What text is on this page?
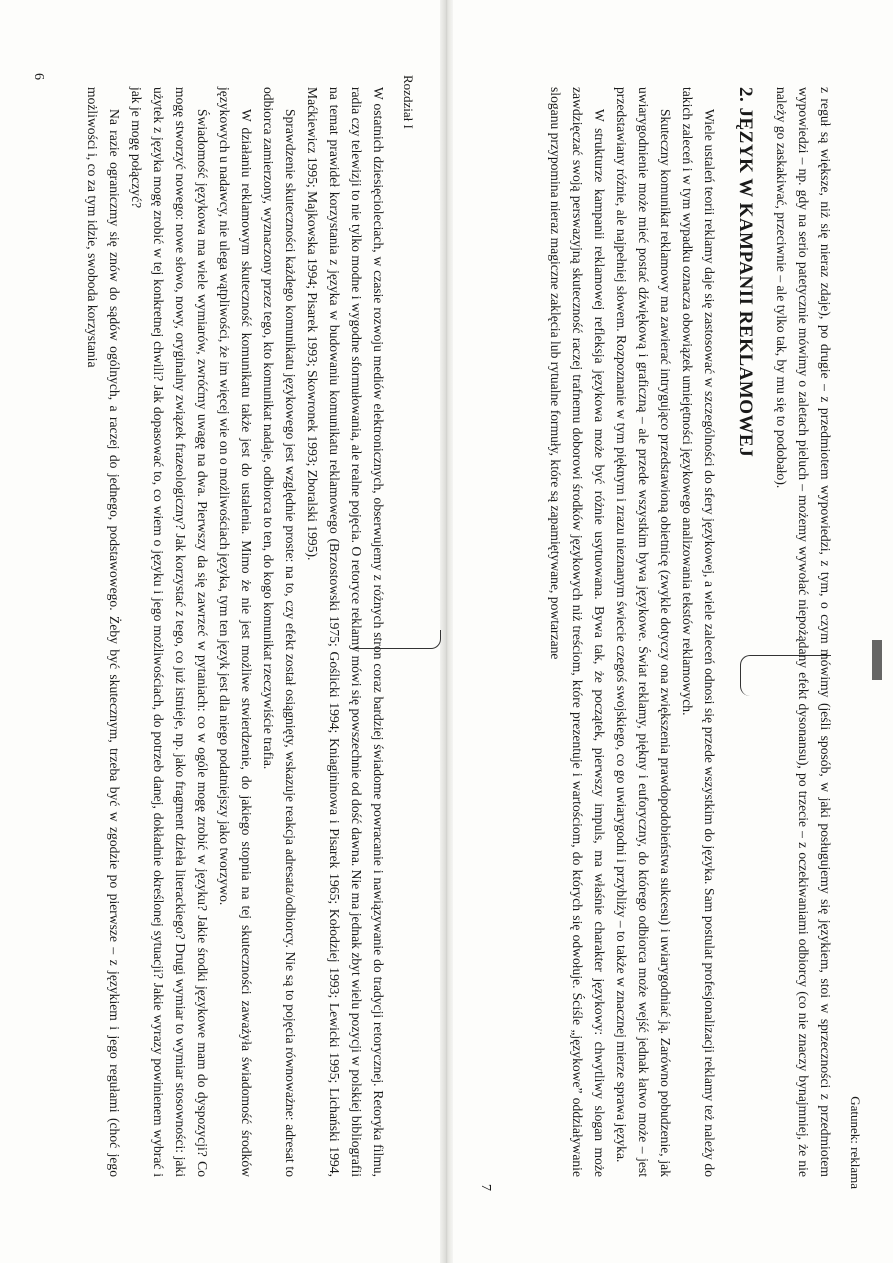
Rozdział I

W ostatnich dziesięcioleciach, w czasie rozwoju mediów elektronicznych, obserwujemy z różnych stron coraz bardziej świadome powracanie i nawiązywanie do tradycji retorycznej. Retoryka filmu, radia czy telewizji to nie tylko modne i wygodne sformułowania, ale realne pojęcia. O retoryce reklamy mówi się powszechnie od dość dawna. Nie ma jednak zbyt wielu pozycji w polskiej bibliografii na temat prawideł korzystania z języka w budowaniu komunikatu reklamowego (Brzostowski 1975; Goślicki 1994; Kniagininowa i Pisarek 1965; Kołodziej 1993; Lewicki 1995; Lichański 1994, Maćkiewicz 1995; Majkowska 1994; Pisarek 1993; Skowronek 1993; Zboralski 1995).

Sprawdzenie skuteczności każdego komunikatu językowego jest względnie proste: na to, czy efekt został osiągnięty, wskazuje reakcja adresata/odbiorcy. Nie są to pojęcia równoważne: adresat to odbiorca zamierzony, wyznaczony przez tego, kto komunikat nadaje, odbiorca to ten, do kogo komunikat rzeczywiście trafia.

W działaniu reklamowym skuteczność komunikatu także jest do ustalenia. Mimo że nie jest możliwe stwierdzenie, do jakiego stopnia na tej skuteczności zaważyła świadomość środków językowych u nadawcy, nie ulega wątpliwości, że im więcej wie on o możliwościach języka, tym ten język jest dla niego podatniejszy jako tworzywo.

Świadomość językowa ma wiele wymiarów, zwróćmy uwagę na dwa. Pierwszy da się zawrzeć w pytaniach: co w ogóle mogę zrobić w języku? Jakie środki językowe mam do dyspozycji? Co mogę stworzyć nowego: nowe słowo, nowy, oryginalny związek frazeologiczny? Jak korzystać z tego, co już istnieje, np. jako fragment dzieła literackiego? Drugi wymiar to wymiar stosowności: jaki użytek z języka mogę zrobić w tej konkretnej chwili? Jak dopasować to, co wiem o języku i jego możliwościach, do potrzeb danej, dokładnie określonej sytuacji? Jakie wyrazy powinienem wybrać i jak je mogę połączyć?

Na razie ograniczmy się znów do sądów ogólnych, a raczej do jednego, podstawowego. Żeby być skutecznym, trzeba być w zgodzie po pierwsze – z językiem i jego regułami (choć jego możliwości i, co za tym idzie, swoboda korzystania

6
Gatunek: reklama

z reguł są większe, niż się nieraz zdaje), po drugie – z przedmiotem wypowiedzi, z tym, o czym mówimy (jeśli sposób, w jaki posługujemy się językiem, stoi w sprzeczności z przedmiotem wypowiedzi – np. gdy na serio patetycznie mówimy o zaletach pieluch – możemy wywołać niepożądany efekt dysonansu), po trzecie – z oczekiwaniami odbiorcy (co nie znaczy bynajmniej, że nie należy go zaskakiwać, przeciwnie – ale tylko tak, by mu się to podobało).

2. JĘZYK W KAMPANII REKLAMOWEJ

Wiele ustaleń teorii reklamy daje się zastosować w szczególności do sfery językowej, a wiele zaleceń odnosi się przede wszystkim do języka. Sam postulat profesjonalizacji reklamy też należy do takich zaleceń i w tym wypadku oznacza obowiązek umiejętności językowego analizowania tekstów reklamowych.

Skuteczny komunikat reklamowy ma zawierać intrygująco przedstawioną obietnicę (zwykle dotyczy ona zwiększenia prawdopodobieństwa sukcesu) i uwiarygodniać ją. Zarówno pobudzenie, jak uwiarygodnienie może mieć postać dźwiękową i graficzną – ale przede wszystkim bywa językowe. Świat reklamy, piękny i euforyczny, do którego odbiorca może wejść jednak łatwo może – jest przedstawiany różnie, ale najpełniej słowem. Rozpoznanie w tym pięknym i zrazu nieznanym świecie czegoś swojskiego, co go uwiarygodni i przybliży – to także w znacznej mierze sprawa języka.

W strukturze kampanii reklamowej refleksja językowa może być różnie usytuowana. Bywa tak, że początek, pierwszy impuls, ma właśnie charakter językowy: chwytliwy slogan może zawdzięczać swoją perswazyjną skuteczność raczej trafnemu doborowi środków językowych niż treściom, które prezentuje i wartościom, do których się odwołuje. Ściśle „językowe” oddziaływanie sloganu przypomina nieraz magiczne zaklęcia lub rytualne formuły, które są zapamiętywane, powtarzane

7
